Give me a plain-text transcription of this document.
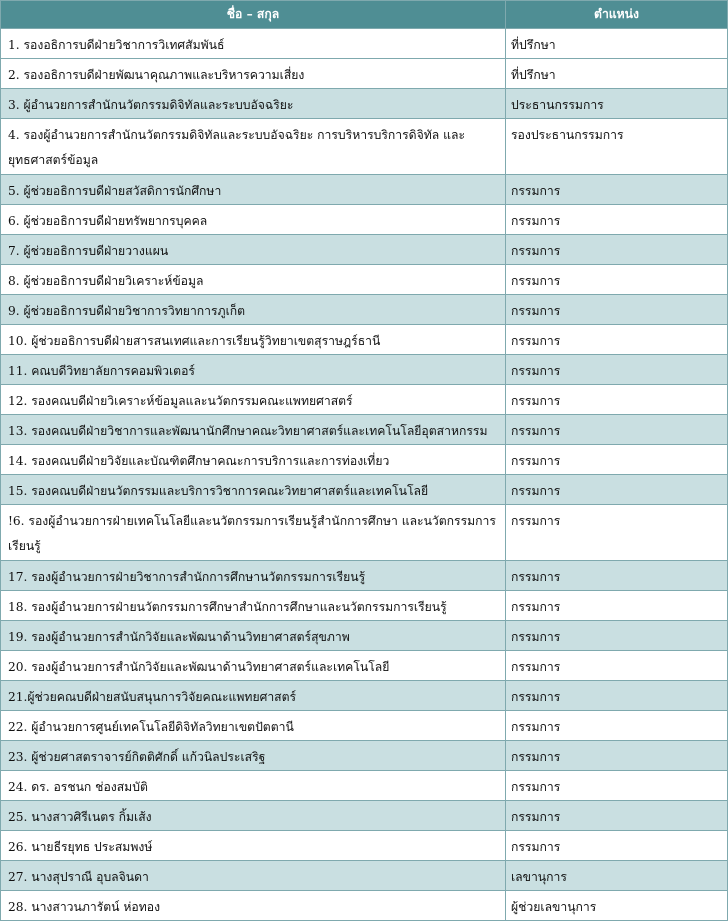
ชื่อ – สกุล	ตำแหน่ง
1. รองอธิการบดีฝ่ายวิชาการวิเทศสัมพันธ์	ที่ปรึกษา
2. รองอธิการบดีฝ่ายพัฒนาคุณภาพและบริหารความเสี่ยง	ที่ปรึกษา
3. ผู้อำนวยการสำนักนวัตกรรมดิจิทัลและระบบอัจฉริยะ	ประธานกรรมการ
4. รองผู้อำนวยการสำนักนวัตกรรมดิจิทัลและระบบอัจฉริยะ การบริหารบริการดิจิทัล และยุทธศาสตร์ข้อมูล	รองประธานกรรมการ
5. ผู้ช่วยอธิการบดีฝ่ายสวัสดิการนักศึกษา	กรรมการ
6. ผู้ช่วยอธิการบดีฝ่ายทรัพยากรบุคคล	กรรมการ
7. ผู้ช่วยอธิการบดีฝ่ายวางแผน	กรรมการ
8. ผู้ช่วยอธิการบดีฝ่ายวิเคราะห์ข้อมูล	กรรมการ
9. ผู้ช่วยอธิการบดีฝ่ายวิชาการวิทยาการภูเก็ต	กรรมการ
10. ผู้ช่วยอธิการบดีฝ่ายสารสนเทศและการเรียนรู้วิทยาเขตสุราษฎร์ธานี	กรรมการ
11. คณบดีวิทยาลัยการคอมพิวเตอร์	กรรมการ
12. รองคณบดีฝ่ายวิเคราะห์ข้อมูลและนวัตกรรมคณะแพทยศาสตร์	กรรมการ
13. รองคณบดีฝ่ายวิชาการและพัฒนานักศึกษาคณะวิทยาศาสตร์และเทคโนโลยีอุตสาหกรรม	กรรมการ
14. รองคณบดีฝ่ายวิจัยและบัณฑิตศึกษาคณะการบริการและการท่องเที่ยว	กรรมการ
15. รองคณบดีฝ่ายนวัตกรรมและบริการวิชาการคณะวิทยาศาสตร์และเทคโนโลยี	กรรมการ
!6. รองผู้อำนวยการฝ่ายเทคโนโลยีและนวัตกรรมการเรียนรู้สำนักการศึกษา และนวัตกรรมการเรียนรู้	กรรมการ
17. รองผู้อำนวยการฝ่ายวิชาการสำนักการศึกษานวัตกรรมการเรียนรู้	กรรมการ
18. รองผู้อำนวยการฝ่ายนวัตกรรมการศึกษาสำนักการศึกษาและนวัตกรรมการเรียนรู้	กรรมการ
19. รองผู้อำนวยการสำนักวิจัยและพัฒนาด้านวิทยาศาสตร์สุขภาพ	กรรมการ
20. รองผู้อำนวยการสำนักวิจัยและพัฒนาด้านวิทยาศาสตร์และเทคโนโลยี	กรรมการ
21.ผู้ช่วยคณบดีฝ่ายสนับสนุนการวิจัยคณะแพทยศาสตร์	กรรมการ
22. ผู้อำนวยการศูนย์เทคโนโลยีดิจิทัลวิทยาเขตปัตตานี	กรรมการ
23. ผู้ช่วยศาสตราจารย์กิตติศักดิ์ แก้วนิลประเสริฐ	กรรมการ
24. ดร. อรชนก ช่องสมบัติ	กรรมการ
25. นางสาวศิรีเนตร กิ้มเส้ง	กรรมการ
26. นายธีรยุทธ ประสมพงษ์	กรรมการ
27. นางสุปราณี อุบลจินดา	เลขานุการ
28. นางสาวนภารัตน์ ห่อทอง	ผู้ช่วยเลขานุการ
